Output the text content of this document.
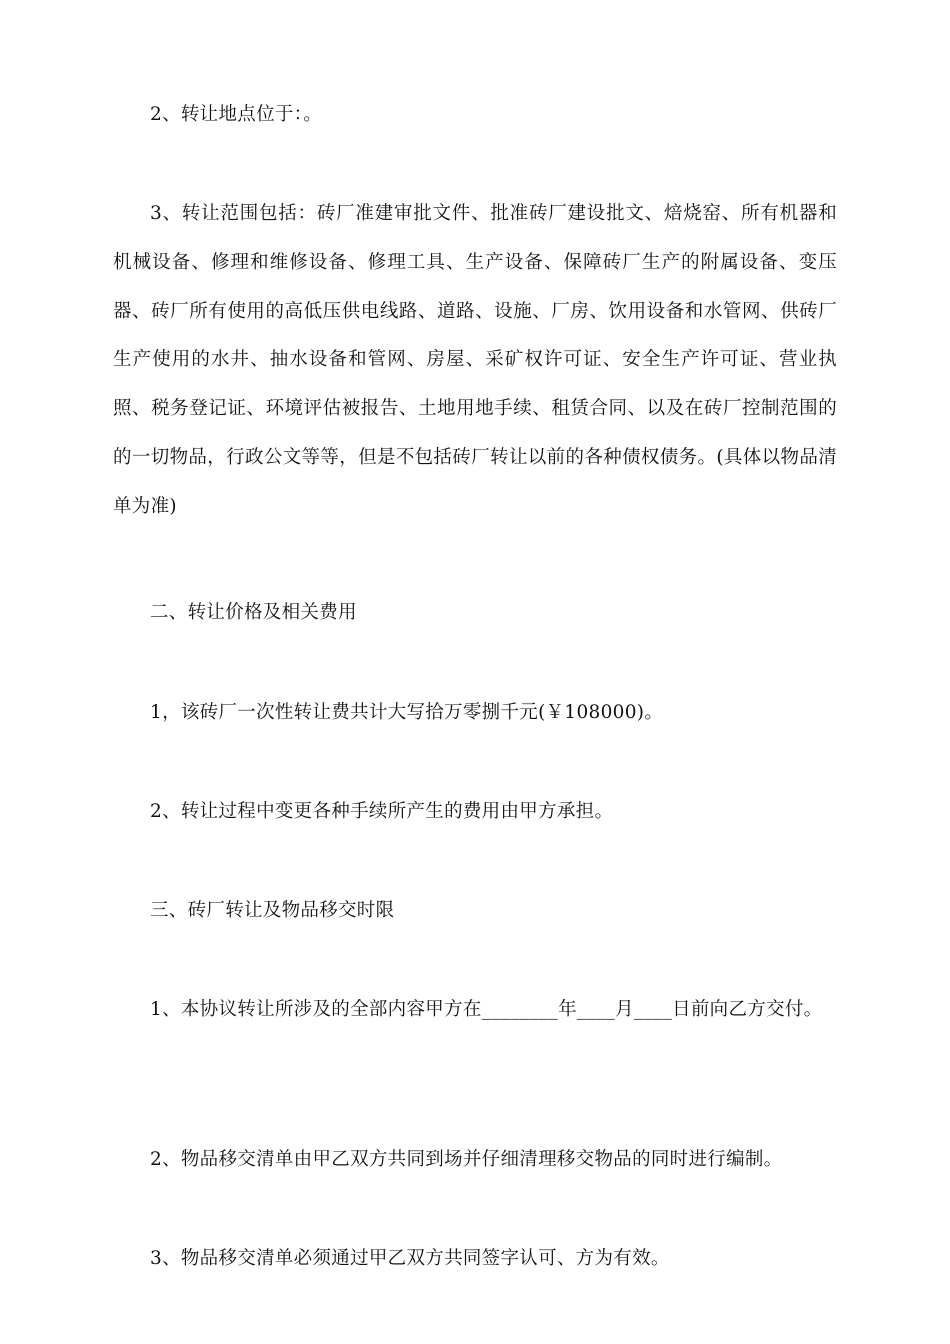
2、转让地点位于：。

3、转让范围包括：砖厂准建审批文件、批准砖厂建设批文、焙烧窑、所有机器和机械设备、修理和维修设备、修理工具、生产设备、保障砖厂生产的附属设备、变压器、砖厂所有使用的高低压供电线路、道路、设施、厂房、饮用设备和水管网、供砖厂生产使用的水井、抽水设备和管网、房屋、采矿权许可证、安全生产许可证、营业执照、税务登记证、环境评估被报告、土地用地手续、租赁合同、以及在砖厂控制范围的的一切物品，行政公文等等，但是不包括砖厂转让以前的各种债权债务。(具体以物品清单为准)

二、转让价格及相关费用

1，该砖厂一次性转让费共计大写拾万零捌千元(￥108000)。

2、转让过程中变更各种手续所产生的费用由甲方承担。

三、砖厂转让及物品移交时限

1、本协议转让所涉及的全部内容甲方在________年____月____日前向乙方交付。

2、物品移交清单由甲乙双方共同到场并仔细清理移交物品的同时进行编制。

3、物品移交清单必须通过甲乙双方共同签字认可、方为有效。
